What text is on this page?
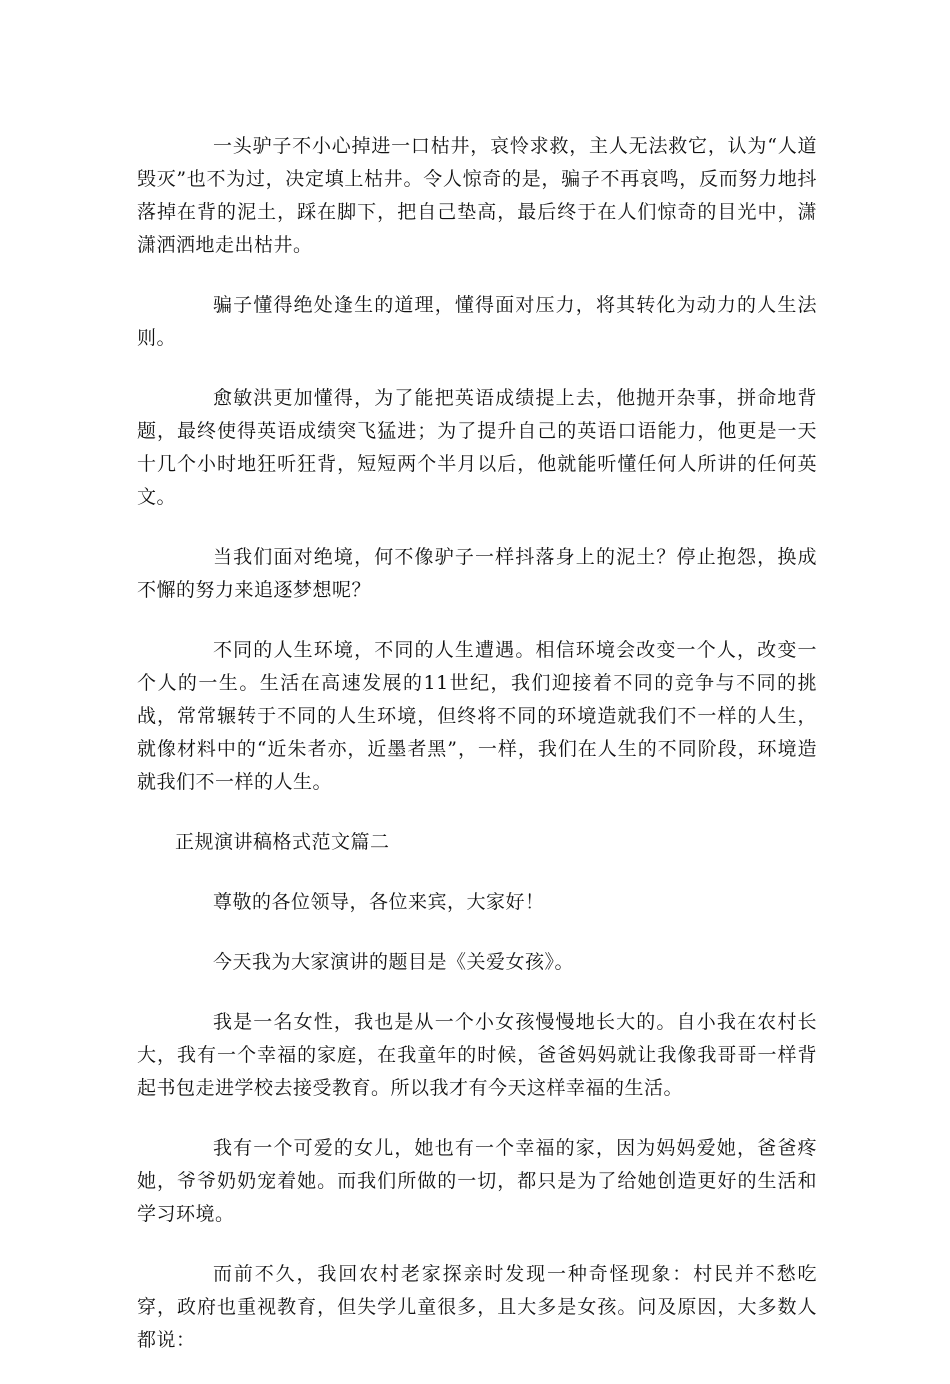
一头驴子不小心掉进一口枯井，哀怜求救，主人无法救它，认为“人道毁灭”也不为过，决定填上枯井。令人惊奇的是，骗子不再哀鸣，反而努力地抖落掉在背的泥土，踩在脚下，把自己垫高，最后终于在人们惊奇的目光中，潇潇洒洒地走出枯井。

骗子懂得绝处逢生的道理，懂得面对压力，将其转化为动力的人生法则。

愈敏洪更加懂得，为了能把英语成绩提上去，他抛开杂事，拼命地背题，最终使得英语成绩突飞猛进；为了提升自己的英语口语能力，他更是一天十几个小时地狂听狂背，短短两个半月以后，他就能听懂任何人所讲的任何英文。

当我们面对绝境，何不像驴子一样抖落身上的泥土？停止抱怨，换成不懈的努力来追逐梦想呢？

不同的人生环境，不同的人生遭遇。相信环境会改变一个人，改变一个人的一生。生活在高速发展的11世纪，我们迎接着不同的竞争与不同的挑战，常常辗转于不同的人生环境，但终将不同的环境造就我们不一样的人生，就像材料中的“近朱者亦，近墨者黑”，一样，我们在人生的不同阶段，环境造就我们不一样的人生。

正规演讲稿格式范文篇二

尊敬的各位领导，各位来宾，大家好！

今天我为大家演讲的题目是《关爱女孩》。

我是一名女性，我也是从一个小女孩慢慢地长大的。自小我在农村长大，我有一个幸福的家庭，在我童年的时候，爸爸妈妈就让我像我哥哥一样背起书包走进学校去接受教育。所以我才有今天这样幸福的生活。

我有一个可爱的女儿，她也有一个幸福的家，因为妈妈爱她，爸爸疼她，爷爷奶奶宠着她。而我们所做的一切，都只是为了给她创造更好的生活和学习环境。

而前不久，我回农村老家探亲时发现一种奇怪现象：村民并不愁吃穿，政府也重视教育，但失学儿童很多，且大多是女孩。问及原因，大多数人都说：
